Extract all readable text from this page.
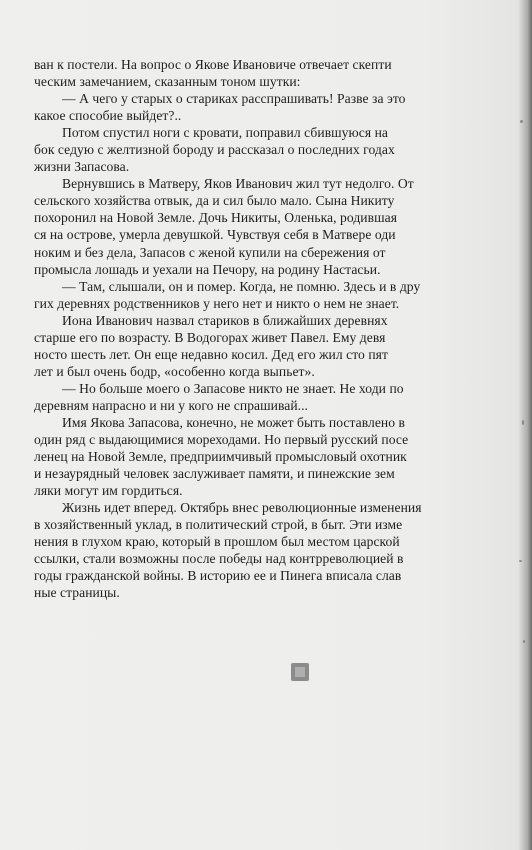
ван к постели. На вопрос о Якове Ивановиче отвечает скепти
ческим замечанием, сказанным тоном шутки:
— А чего у старых о стариках расспрашивать! Разве за это
какое способие выйдет?..
Потом спустил ноги с кровати, поправил сбившуюся на
бок седую с желтизной бороду и рассказал о последних годах
жизни Запасова.
Вернувшись в Матверу, Яков Иванович жил тут недолго. От
сельского хозяйства отвык, да и сил было мало. Сына Никиту
похоронил на Новой Земле. Дочь Никиты, Оленька, родившая
ся на острове, умерла девушкой. Чувствуя себя в Матвере оди
ноким и без дела, Запасов с женой купили на сбережения от
промысла лошадь и уехали на Печору, на родину Настасьи.
— Там, слышали, он и помер. Когда, не помню. Здесь и в дру
гих деревнях родственников у него нет и никто о нем не знает.
Иона Иванович назвал стариков в ближайших деревнях
старше его по возрасту. В Водогорах живет Павел. Ему девя
носто шесть лет. Он еще недавно косил. Дед его жил сто пят
лет и был очень бодр, «особенно когда выпьет».
— Но больше моего о Запасове никто не знает. Не ходи по
деревням напрасно и ни у кого не спрашивай...
Имя Якова Запасова, конечно, не может быть поставлено в
один ряд с выдающимися мореходами. Но первый русский посе
ленец на Новой Земле, предприимчивый промысловый охотник
и незаурядный человек заслуживает памяти, и пинежские зем
ляки могут им гордиться.
Жизнь идет вперед. Октябрь внес революционные изменения
в хозяйственный уклад, в политический строй, в быт. Эти изме
нения в глухом краю, который в прошлом был местом царской
ссылки, стали возможны после победы над контрреволюцией в
годы гражданской войны. В историю ее и Пинега вписала слав
ные страницы.
